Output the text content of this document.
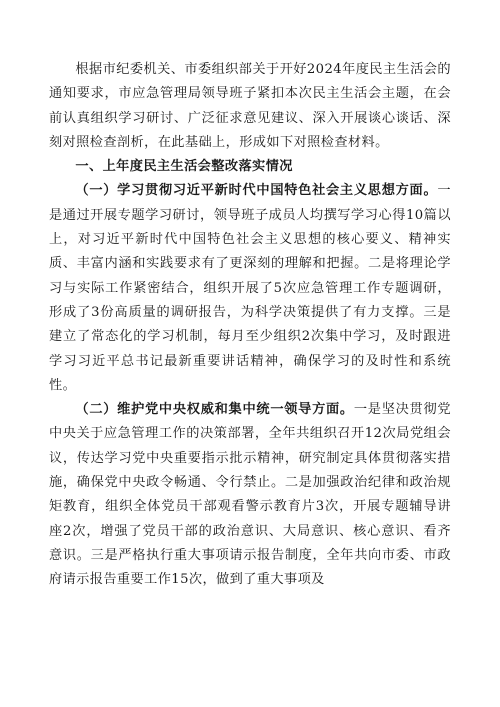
根据市纪委机关、市委组织部关于开好2024年度民主生活会的通知要求，市应急管理局领导班子紧扣本次民主生活会主题，在会前认真组织学习研讨、广泛征求意见建议、深入开展谈心谈话、深刻对照检查剖析，在此基础上，形成如下对照检查材料。

一、上年度民主生活会整改落实情况

（一）学习贯彻习近平新时代中国特色社会主义思想方面。一是通过开展专题学习研讨，领导班子成员人均撰写学习心得10篇以上，对习近平新时代中国特色社会主义思想的核心要义、精神实质、丰富内涵和实践要求有了更深刻的理解和把握。二是将理论学习与实际工作紧密结合，组织开展了5次应急管理工作专题调研，形成了3份高质量的调研报告，为科学决策提供了有力支撑。三是建立了常态化的学习机制，每月至少组织2次集中学习，及时跟进学习习近平总书记最新重要讲话精神，确保学习的及时性和系统性。

（二）维护党中央权威和集中统一领导方面。一是坚决贯彻党中央关于应急管理工作的决策部署，全年共组织召开12次局党组会议，传达学习党中央重要指示批示精神，研究制定具体贯彻落实措施，确保党中央政令畅通、令行禁止。二是加强政治纪律和政治规矩教育，组织全体党员干部观看警示教育片3次，开展专题辅导讲座2次，增强了党员干部的政治意识、大局意识、核心意识、看齐意识。三是严格执行重大事项请示报告制度，全年共向市委、市政府请示报告重要工作15次，做到了重大事项及
